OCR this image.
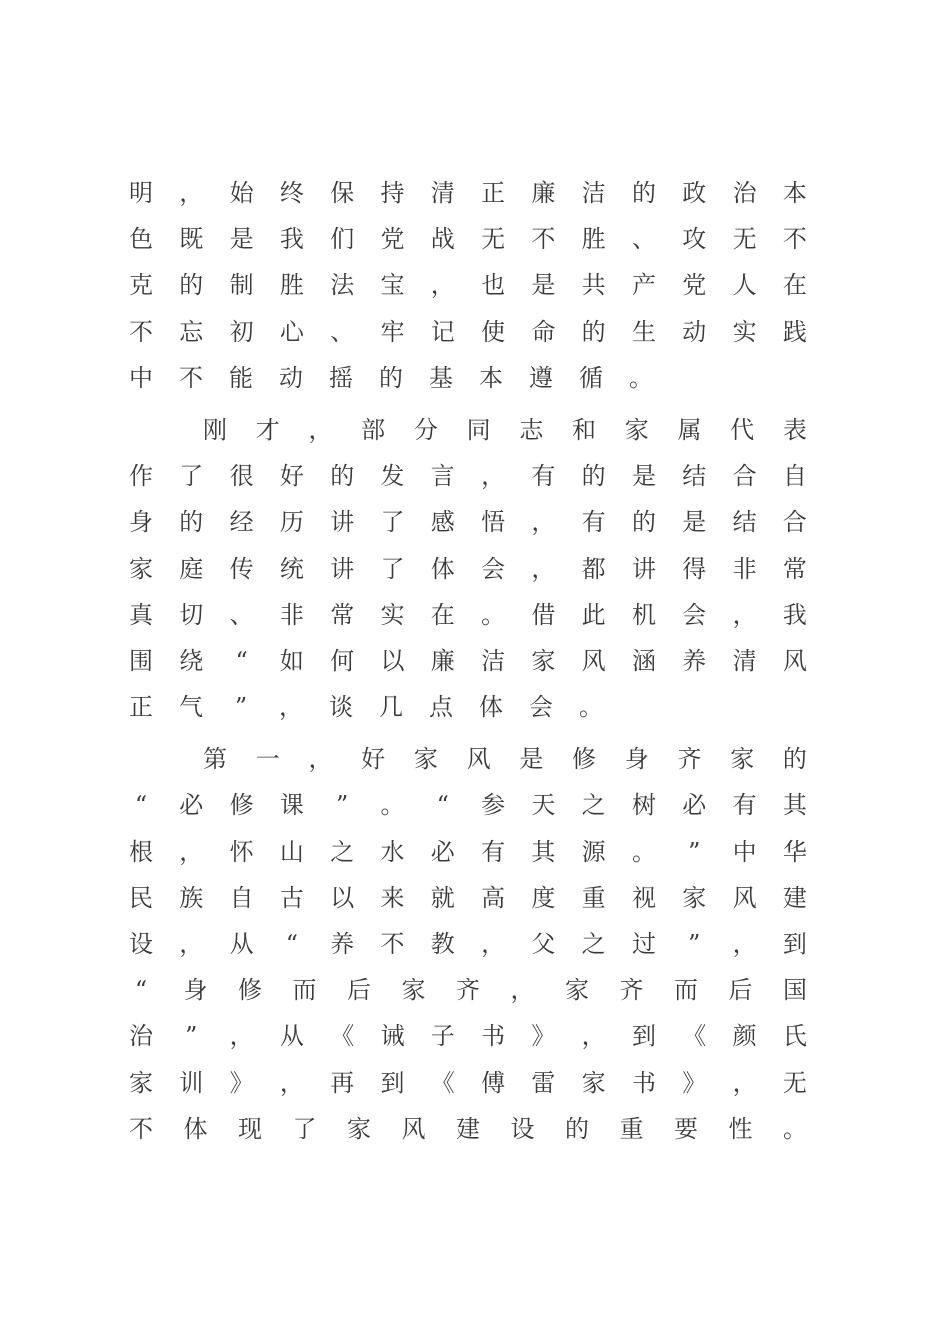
明 ， 始 终 保 持 清 正 廉 洁 的 政 治 本
色 既 是 我 们 党 战 无 不 胜 、 攻 无 不
克 的 制 胜 法 宝 ， 也 是 共 产 党 人 在
不 忘 初 心 、 牢 记 使 命 的 生 动 实 践
中 不 能 动 摇 的 基 本 遵 循 。
刚 才 ， 部 分 同 志 和 家 属 代 表
作 了 很 好 的 发 言 ， 有 的 是 结 合 自
身 的 经 历 讲 了 感 悟 ， 有 的 是 结 合
家 庭 传 统 讲 了 体 会 ， 都 讲 得 非 常
真 切 、 非 常 实 在 。 借 此 机 会 ， 我
围 绕 “ 如 何 以 廉 洁 家 风 涵 养 清 风
正 气 ” ， 谈 几 点 体 会 。
第 一 ， 好 家 风 是 修 身 齐 家 的
“ 必 修 课 ” 。 “ 参 天 之 树 必 有 其
根 ， 怀 山 之 水 必 有 其 源 。 ” 中 华
民 族 自 古 以 来 就 高 度 重 视 家 风 建
设 ， 从 “ 养 不 教 ， 父 之 过 ” ， 到
“ 身 修 而 后 家 齐 ， 家 齐 而 后 国
治 ” ， 从 《 诫 子 书 》 ， 到 《 颜 氏
家 训 》 ， 再 到 《 傅 雷 家 书 》 ， 无
不 体 现 了 家 风 建 设 的 重 要 性 。
